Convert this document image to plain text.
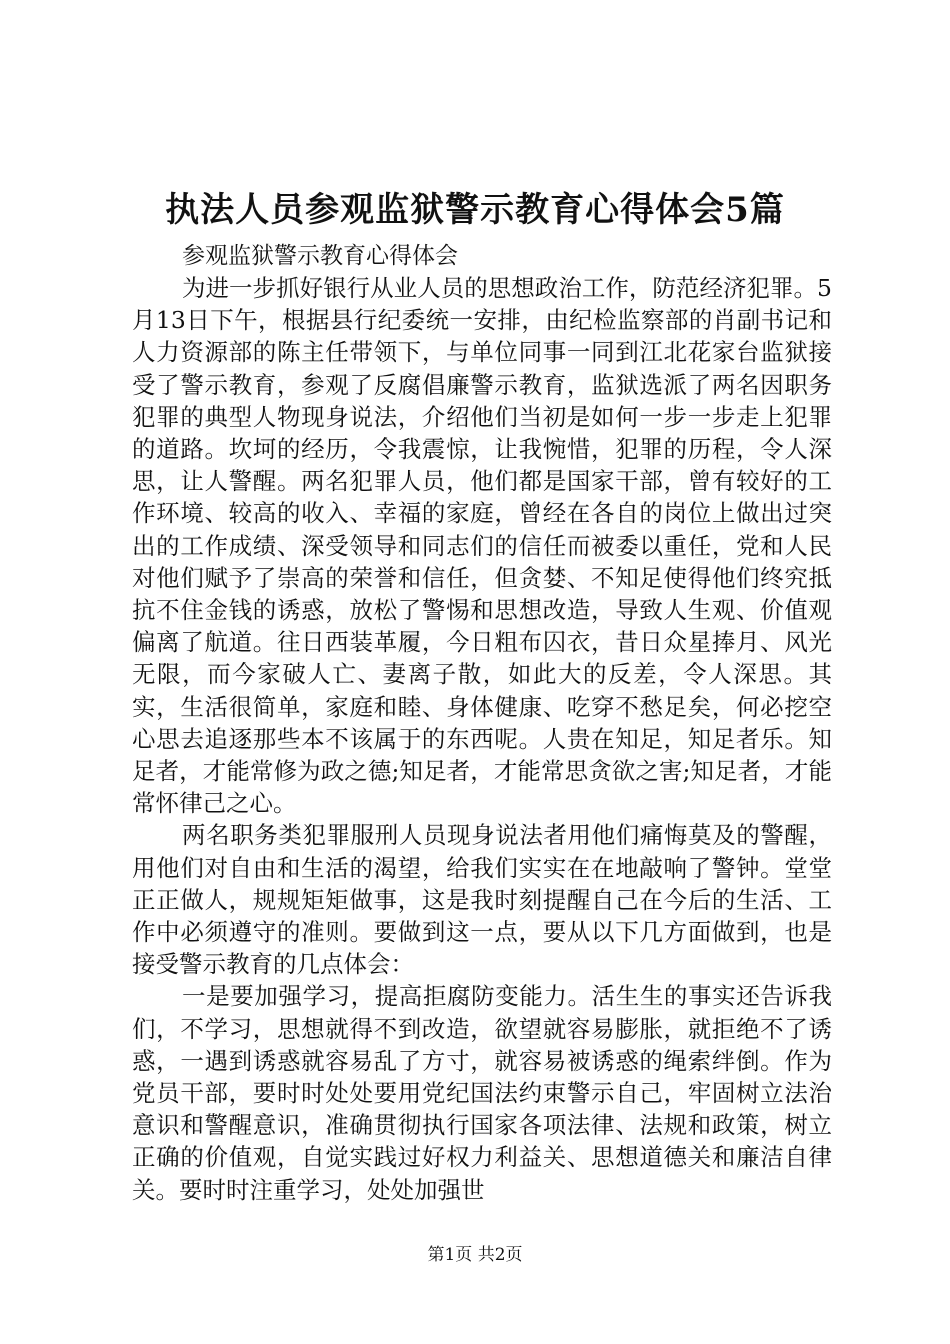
执法人员参观监狱警示教育心得体会5篇
参观监狱警示教育心得体会

为进一步抓好银行从业人员的思想政治工作，防范经济犯罪。5月13日下午，根据县行纪委统一安排，由纪检监察部的肖副书记和人力资源部的陈主任带领下，与单位同事一同到江北花家台监狱接受了警示教育，参观了反腐倡廉警示教育，监狱选派了两名因职务犯罪的典型人物现身说法，介绍他们当初是如何一步一步走上犯罪的道路。坎坷的经历，令我震惊，让我惋惜，犯罪的历程，令人深思，让人警醒。两名犯罪人员，他们都是国家干部，曾有较好的工作环境、较高的收入、幸福的家庭，曾经在各自的岗位上做出过突出的工作成绩、深受领导和同志们的信任而被委以重任，党和人民对他们赋予了崇高的荣誉和信任，但贪婪、不知足使得他们终究抵抗不住金钱的诱惑，放松了警惕和思想改造，导致人生观、价值观偏离了航道。往日西装革履，今日粗布囚衣，昔日众星捧月、风光无限，而今家破人亡、妻离子散，如此大的反差，令人深思。其实，生活很简单，家庭和睦、身体健康、吃穿不愁足矣，何必挖空心思去追逐那些本不该属于的东西呢。人贵在知足，知足者乐。知足者，才能常修为政之德;知足者，才能常思贪欲之害;知足者，才能常怀律己之心。

两名职务类犯罪服刑人员现身说法者用他们痛悔莫及的警醒，用他们对自由和生活的渴望，给我们实实在在地敲响了警钟。堂堂正正做人，规规矩矩做事，这是我时刻提醒自己在今后的生活、工作中必须遵守的准则。要做到这一点，要从以下几方面做到，也是接受警示教育的几点体会：

一是要加强学习，提高拒腐防变能力。活生生的事实还告诉我们，不学习，思想就得不到改造，欲望就容易膨胀，就拒绝不了诱惑，一遇到诱惑就容易乱了方寸，就容易被诱惑的绳索绊倒。作为党员干部，要时时处处要用党纪国法约束警示自己，牢固树立法治意识和警醒意识，准确贯彻执行国家各项法律、法规和政策，树立正确的价值观，自觉实践过好权力利益关、思想道德关和廉洁自律关。要时时注重学习，处处加强世

第1页 共2页
